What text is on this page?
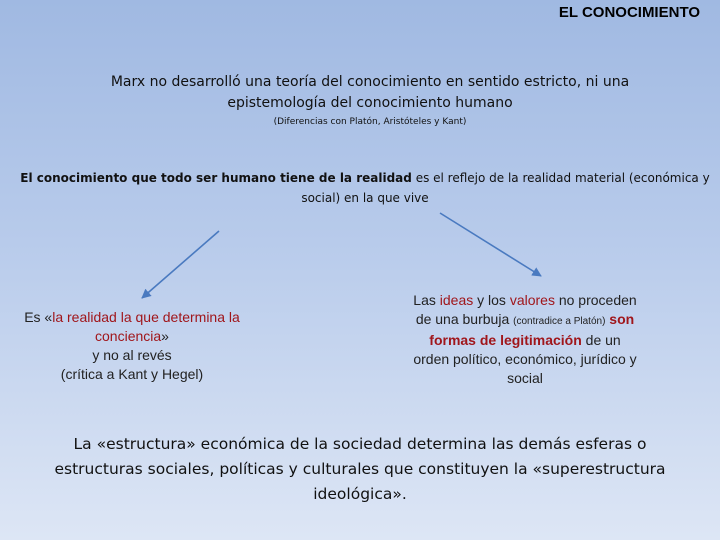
EL CONOCIMIENTO
Marx no desarrolló una teoría del conocimiento en sentido estricto, ni una epistemología del conocimiento humano
(Diferencias con Platón, Aristóteles y Kant)
El conocimiento que todo ser humano tiene de la realidad es el reflejo de la realidad material (económica y social) en la que vive
Es «la realidad la que determina la conciencia»
y no al revés
(crítica a Kant y Hegel)
Las ideas y los valores no proceden de una burbuja (contradice a Platón) son formas de legitimación de un orden político, económico, jurídico y social
La «estructura» económica de la sociedad determina las demás esferas o estructuras sociales, políticas y culturales que constituyen la «superestructura ideológica».
